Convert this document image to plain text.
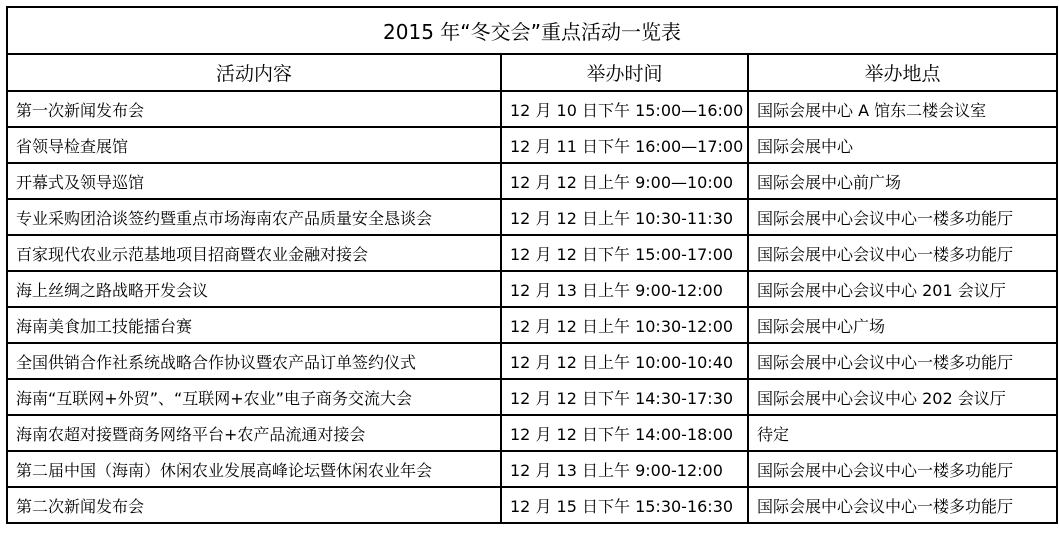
2015 年“冬交会”重点活动一览表		
活动内容	举办时间	举办地点
第一次新闻发布会	12 月 10 日下午 15:00—16:00	国际会展中心 A 馆东二楼会议室
省领导检查展馆	12 月 11 日下午 16:00—17:00	国际会展中心
开幕式及领导巡馆	12 月 12 日上午 9:00—10:00	国际会展中心前广场
专业采购团洽谈签约暨重点市场海南农产品质量安全恳谈会	12 月 12 日上午 10:30-11:30	国际会展中心会议中心一楼多功能厅
百家现代农业示范基地项目招商暨农业金融对接会	12 月 12 日下午 15:00-17:00	国际会展中心会议中心一楼多功能厅
海上丝绸之路战略开发会议	12 月 13 日上午 9:00-12:00	国际会展中心会议中心 201 会议厅
海南美食加工技能擂台赛	12 月 12 日上午 10:30-12:00	国际会展中心广场
全国供销合作社系统战略合作协议暨农产品订单签约仪式	12 月 12 日上午 10:00-10:40	国际会展中心会议中心一楼多功能厅
海南“互联网+外贸”、“互联网+农业”电子商务交流大会	12 月 12 日下午 14:30-17:30	国际会展中心会议中心 202 会议厅
海南农超对接暨商务网络平台+农产品流通对接会	12 月 12 日下午 14:00-18:00	待定
第二届中国（海南）休闲农业发展高峰论坛暨休闲农业年会	12 月 13 日上午 9:00-12:00	国际会展中心会议中心一楼多功能厅
第二次新闻发布会	12 月 15 日下午 15:30-16:30	国际会展中心会议中心一楼多功能厅
